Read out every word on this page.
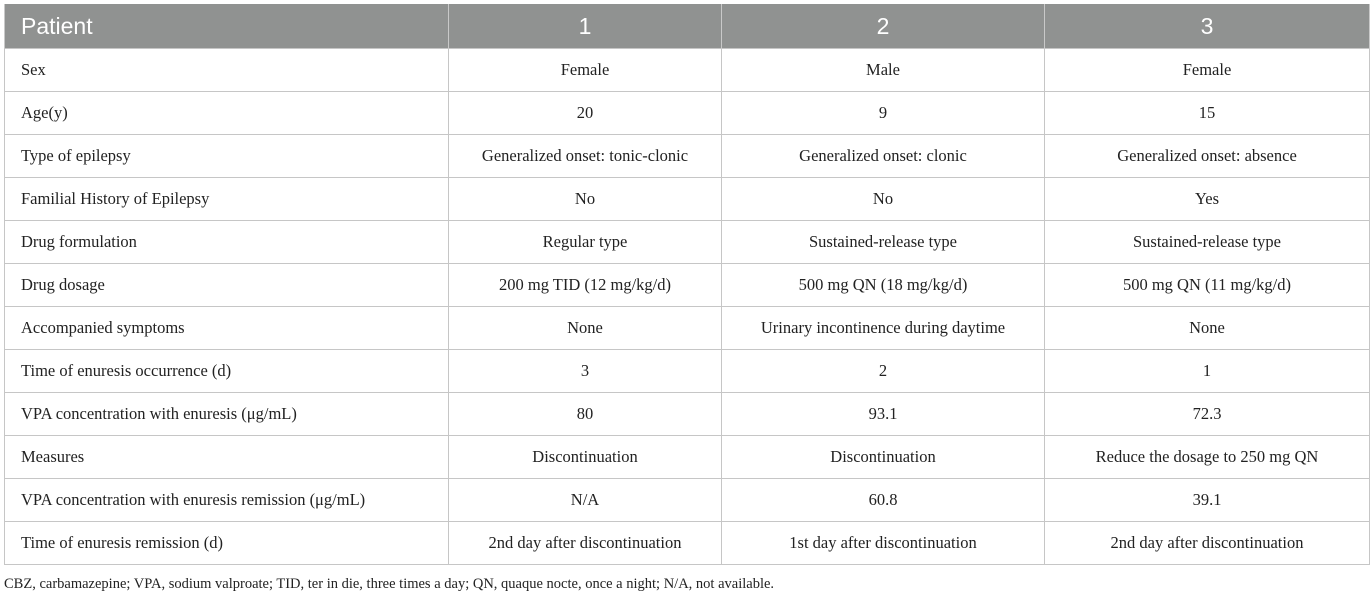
Patient	1	2	3
Sex	Female	Male	Female
Age(y)	20	9	15
Type of epilepsy	Generalized onset: tonic-clonic	Generalized onset: clonic	Generalized onset: absence
Familial History of Epilepsy	No	No	Yes
Drug formulation	Regular type	Sustained-release type	Sustained-release type
Drug dosage	200 mg TID (12 mg/kg/d)	500 mg QN (18 mg/kg/d)	500 mg QN (11 mg/kg/d)
Accompanied symptoms	None	Urinary incontinence during daytime	None
Time of enuresis occurrence (d)	3	2	1
VPA concentration with enuresis (μg/mL)	80	93.1	72.3
Measures	Discontinuation	Discontinuation	Reduce the dosage to 250 mg QN
VPA concentration with enuresis remission (μg/mL)	N/A	60.8	39.1
Time of enuresis remission (d)	2nd day after discontinuation	1st day after discontinuation	2nd day after discontinuation
CBZ, carbamazepine; VPA, sodium valproate; TID, ter in die, three times a day; QN, quaque nocte, once a night; N/A, not available.
